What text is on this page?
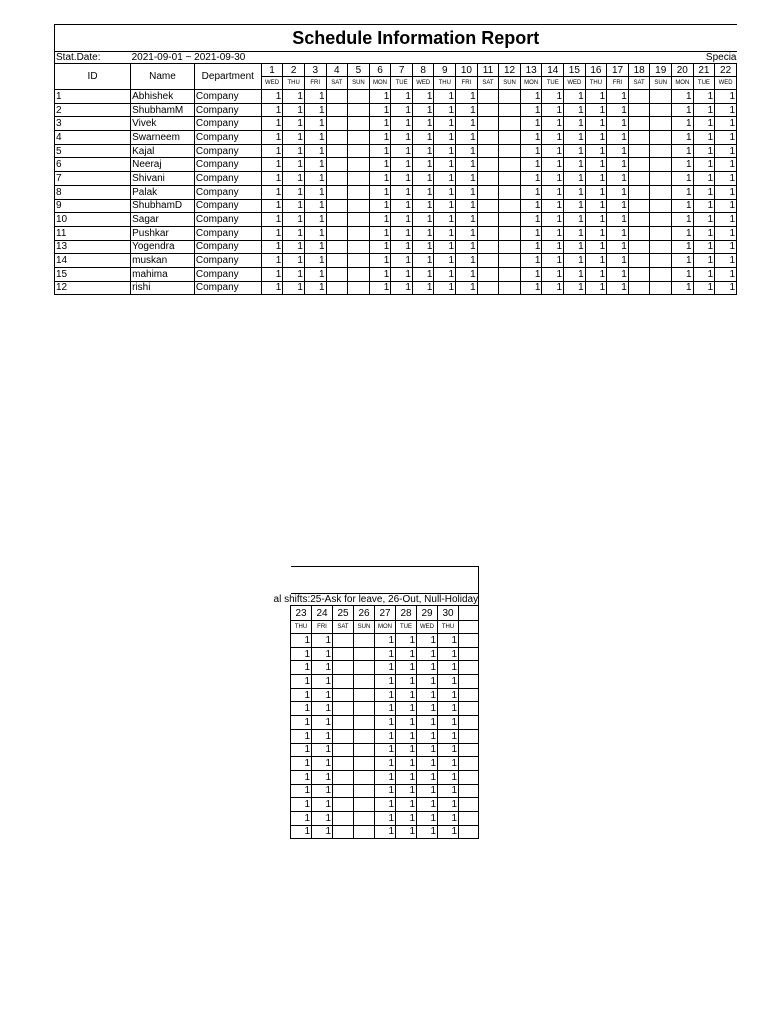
Schedule Information Report																								
Stat.Date:	2021-09-01 ~ 2021-09-30																					Specia		
ID	Name	Department	1	2	3	4	5	6	7	8	9	10	11	12	13	14	15	16	17	18	19	20	21	22
			WED	THU	FRI	SAT	SUN	MON	TUE	WED	THU	FRI	SAT	SUN	MON	TUE	WED	THU	FRI	SAT	SUN	MON	TUE	WED
1	Abhishek	Company	1	1	1			1	1	1	1	1			1	1	1	1	1			1	1	1
2	ShubhamM	Company	1	1	1			1	1	1	1	1			1	1	1	1	1			1	1	1
3	Vivek	Company	1	1	1			1	1	1	1	1			1	1	1	1	1			1	1	1
4	Swarneem	Company	1	1	1			1	1	1	1	1			1	1	1	1	1			1	1	1
5	Kajal	Company	1	1	1			1	1	1	1	1			1	1	1	1	1			1	1	1
6	Neeraj	Company	1	1	1			1	1	1	1	1			1	1	1	1	1			1	1	1
7	Shivani	Company	1	1	1			1	1	1	1	1			1	1	1	1	1			1	1	1
8	Palak	Company	1	1	1			1	1	1	1	1			1	1	1	1	1			1	1	1
9	ShubhamD	Company	1	1	1			1	1	1	1	1			1	1	1	1	1			1	1	1
10	Sagar	Company	1	1	1			1	1	1	1	1			1	1	1	1	1			1	1	1
11	Pushkar	Company	1	1	1			1	1	1	1	1			1	1	1	1	1			1	1	1
13	Yogendra	Company	1	1	1			1	1	1	1	1			1	1	1	1	1			1	1	1
14	muskan	Company	1	1	1			1	1	1	1	1			1	1	1	1	1			1	1	1
15	mahima	Company	1	1	1			1	1	1	1	1			1	1	1	1	1			1	1	1
12	rishi	Company	1	1	1			1	1	1	1	1			1	1	1	1	1			1	1	1

al shifts:25-Ask for leave, 26-Out, Null-Holiday								
23	24	25	26	27	28	29	30	
THU	FRI	SAT	SUN	MON	TUE	WED	THU	
1	1			1	1	1	1	
1	1			1	1	1	1	
1	1			1	1	1	1	
1	1			1	1	1	1	
1	1			1	1	1	1	
1	1			1	1	1	1	
1	1			1	1	1	1	
1	1			1	1	1	1	
1	1			1	1	1	1	
1	1			1	1	1	1	
1	1			1	1	1	1	
1	1			1	1	1	1	
1	1			1	1	1	1	
1	1			1	1	1	1	
1	1			1	1	1	1	
